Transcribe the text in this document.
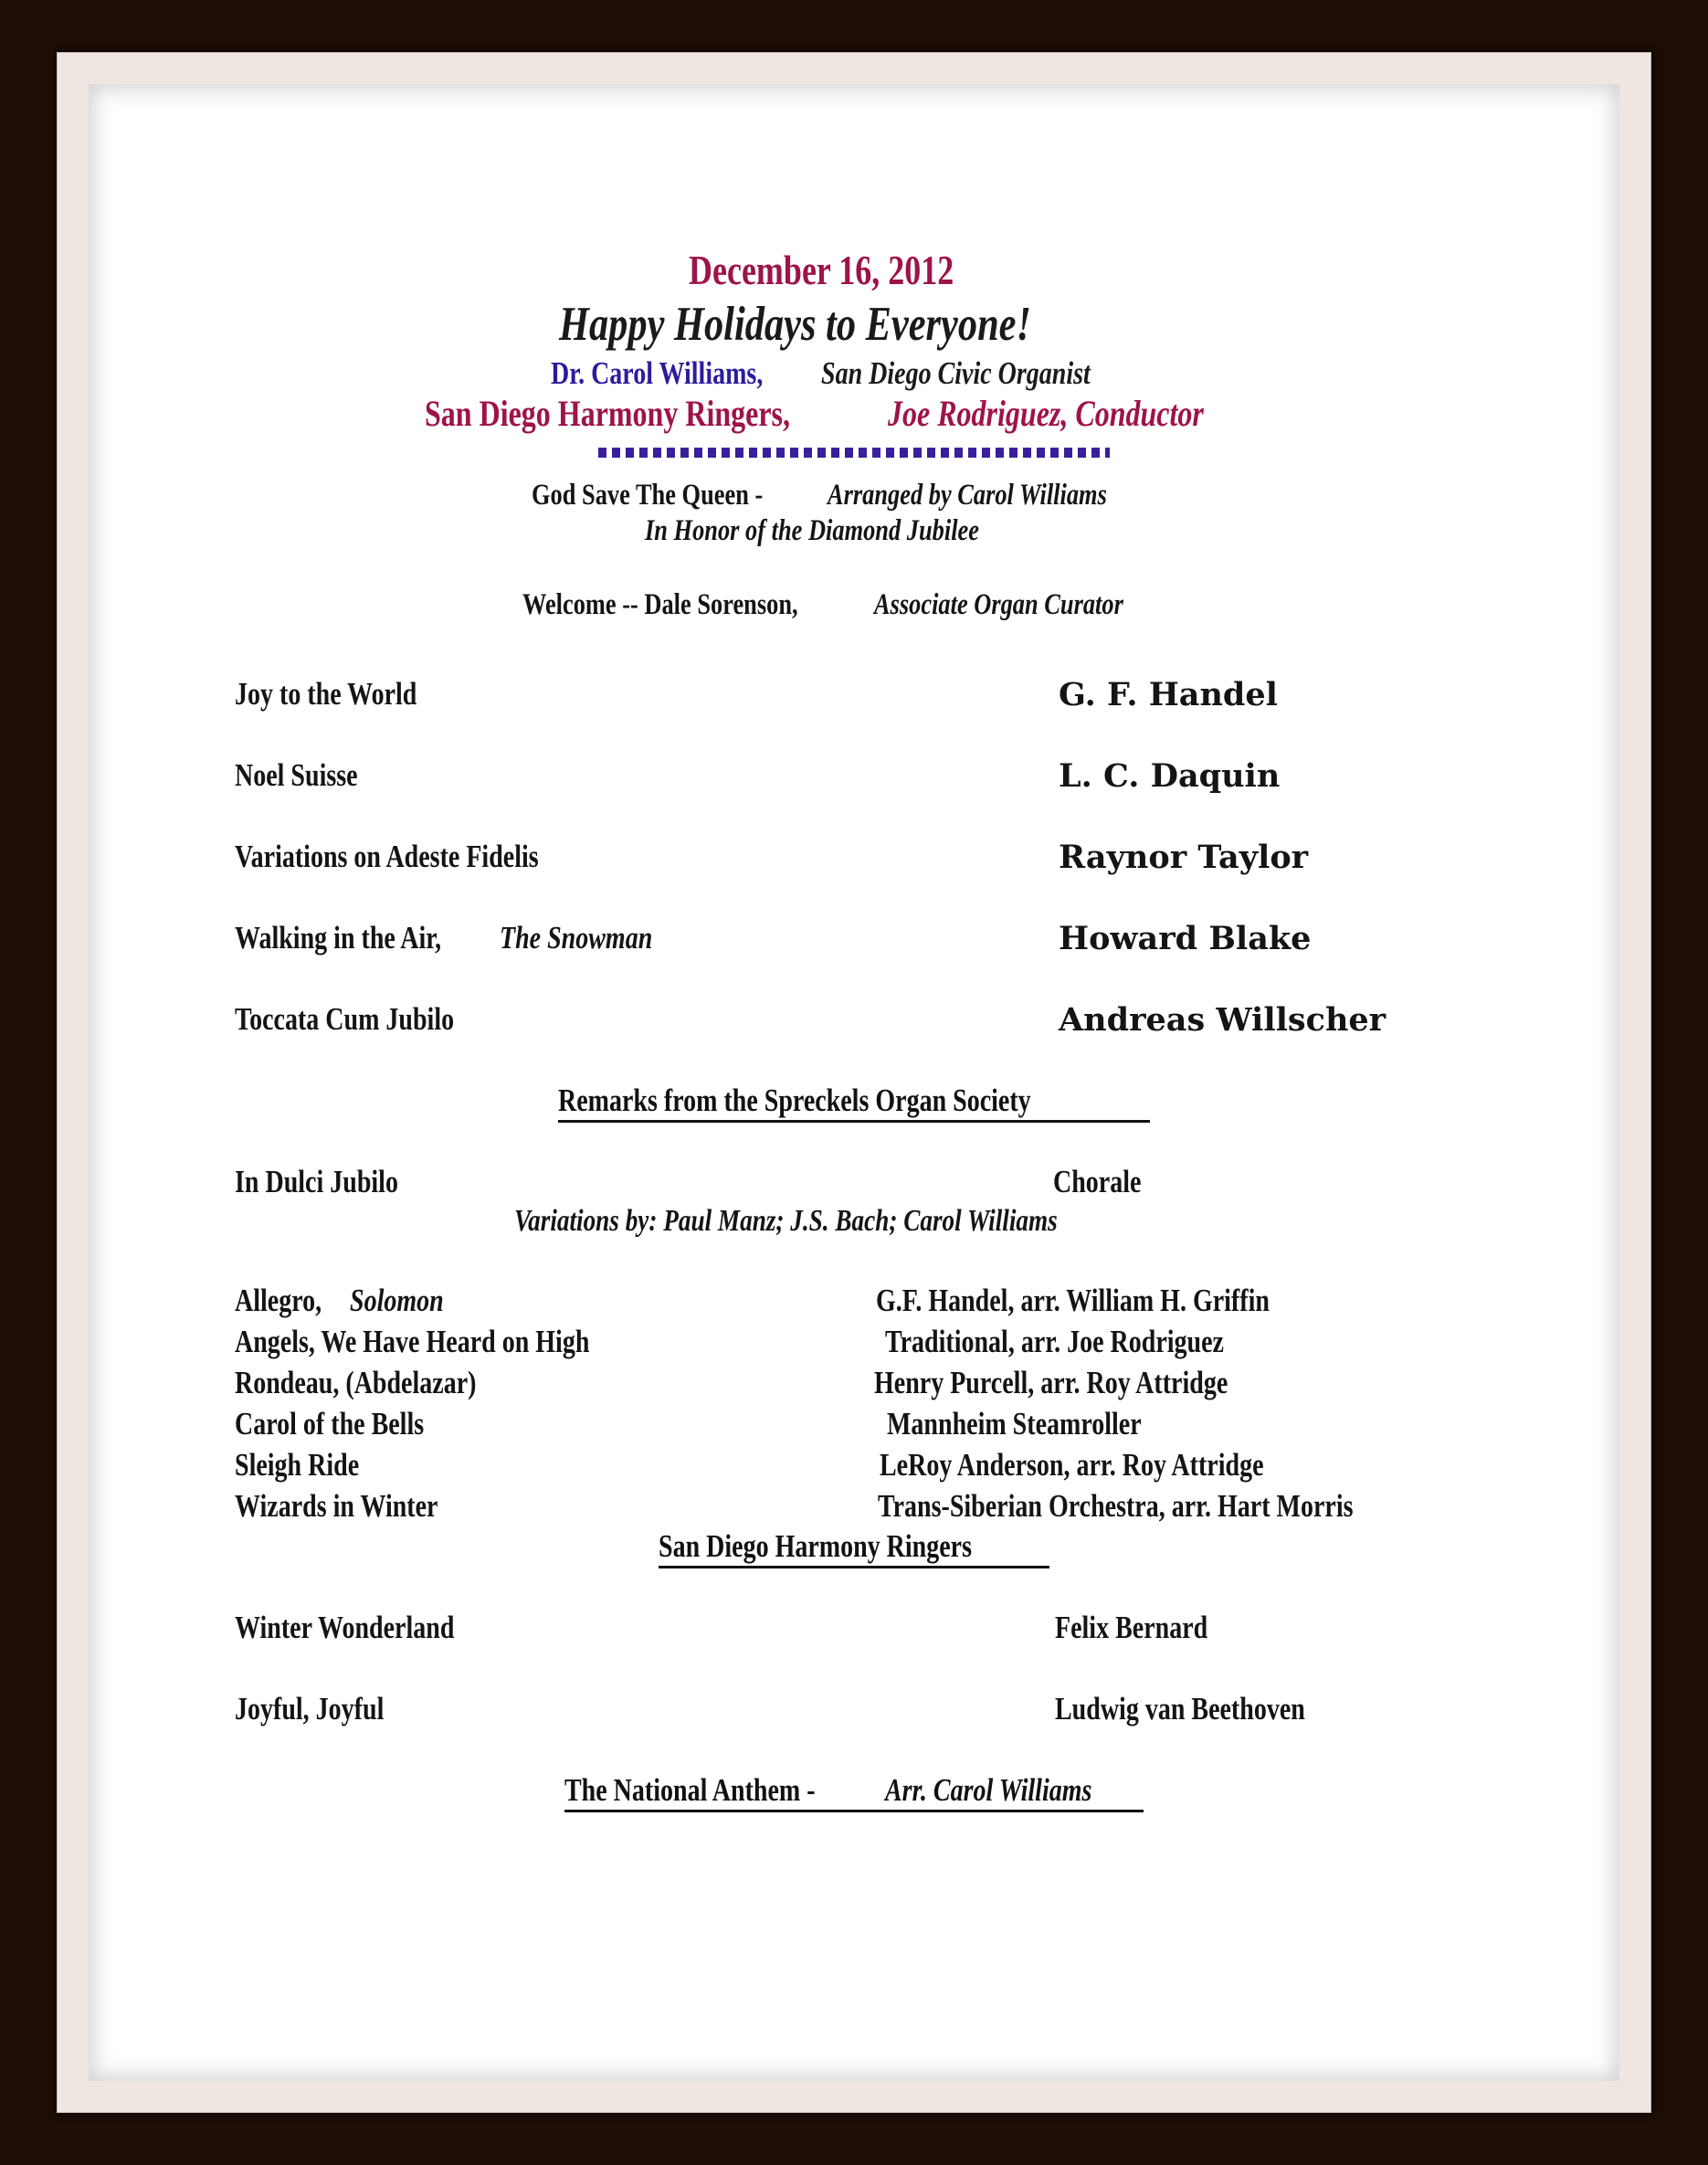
December 16, 2012
Happy Holidays to Everyone!
Dr. Carol Williams, San Diego Civic Organist
San Diego Harmony Ringers,	Joe Rodriguez, Conductor
God Save The Queen - Arranged by Carol Williams
In Honor of the Diamond Jubilee
Welcome -- Dale Sorenson,	Associate Organ Curator
Joy to the World	G. F. Handel
Noel Suisse	L. C. Daquin
Variations on Adeste Fidelis	Raynor Taylor
Walking in the Air, The Snowman	Howard Blake
Toccata Cum Jubilo	Andreas Willscher
Remarks from the Spreckels Organ Society
In Dulci Jubilo	Chorale
Variations by: Paul Manz; J.S. Bach; Carol Williams
Allegro, Solomon	G.F. Handel, arr. William H. Griffin
Angels, We Have Heard on High	Traditional, arr. Joe Rodriguez
Rondeau, (Abdelazar)	Henry Purcell, arr. Roy Attridge
Carol of the Bells	Mannheim Steamroller
Sleigh Ride	LeRoy Anderson, arr. Roy Attridge
Wizards in Winter	Trans-Siberian Orchestra, arr. Hart Morris
San Diego Harmony Ringers
Winter Wonderland	Felix Bernard
Joyful, Joyful	Ludwig van Beethoven
The National Anthem - Arr. Carol Williams
